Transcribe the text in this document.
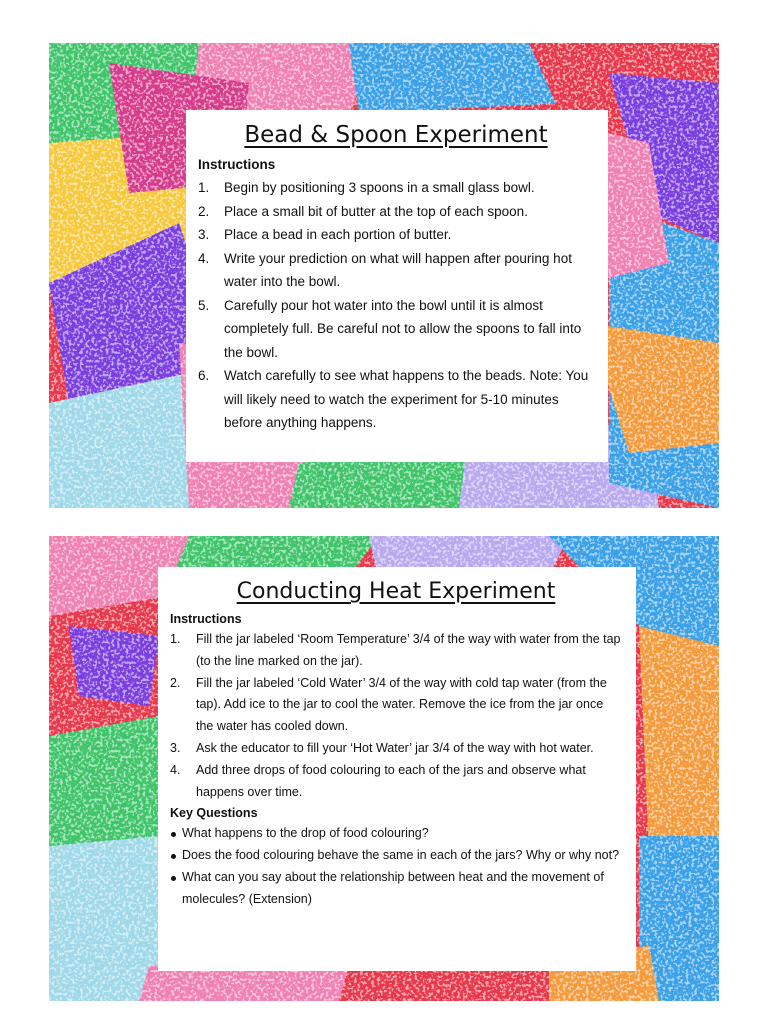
Bead & Spoon Experiment

Instructions

1. Begin by positioning 3 spoons in a small glass bowl.
2. Place a small bit of butter at the top of each spoon.
3. Place a bead in each portion of butter.
4. Write your prediction on what will happen after pouring hot water into the bowl.
5. Carefully pour hot water into the bowl until it is almost completely full. Be careful not to allow the spoons to fall into the bowl.
6. Watch carefully to see what happens to the beads. Note: You will likely need to watch the experiment for 5-10 minutes before anything happens.
Conducting Heat Experiment

Instructions

1. Fill the jar labeled ‘Room Temperature’ 3/4 of the way with water from the tap (to the line marked on the jar).
2. Fill the jar labeled ‘Cold Water’ 3/4 of the way with cold tap water (from the tap). Add ice to the jar to cool the water. Remove the ice from the jar once the water has cooled down.
3. Ask the educator to fill your ‘Hot Water’ jar 3/4 of the way with hot water.
4. Add three drops of food colouring to each of the jars and observe what happens over time.

Key Questions

What happens to the drop of food colouring?
Does the food colouring behave the same in each of the jars? Why or why not?
What can you say about the relationship between heat and the movement of molecules? (Extension)
